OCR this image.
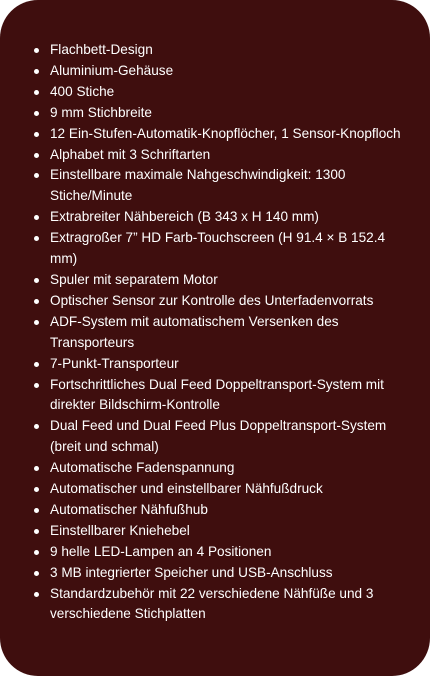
Flachbett-Design
Aluminium-Gehäuse
400 Stiche
9 mm Stichbreite
12 Ein-Stufen-Automatik-Knopflöcher, 1 Sensor-Knopfloch
Alphabet mit 3 Schriftarten
Einstellbare maximale Nahgeschwindigkeit: 1300 Stiche/Minute
Extrabreiter Nähbereich (B 343 x H 140 mm)
Extragroßer 7” HD Farb-Touchscreen (H 91.4 × B 152.4 mm)
Spuler mit separatem Motor
Optischer Sensor zur Kontrolle des Unterfadenvorrats
ADF-System mit automatischem Versenken des Transporteurs
7-Punkt-Transporteur
Fortschrittliches Dual Feed Doppeltransport-System mit direkter Bildschirm-Kontrolle
Dual Feed und Dual Feed Plus Doppeltransport-System (breit und schmal)
Automatische Fadenspannung
Automatischer und einstellbarer Nähfußdruck
Automatischer Nähfußhub
Einstellbarer Kniehebel
9 helle LED-Lampen an 4 Positionen
3 MB integrierter Speicher und USB-Anschluss
Standardzubehör mit 22 verschiedene Nähfüße und 3 verschiedene Stichplatten
